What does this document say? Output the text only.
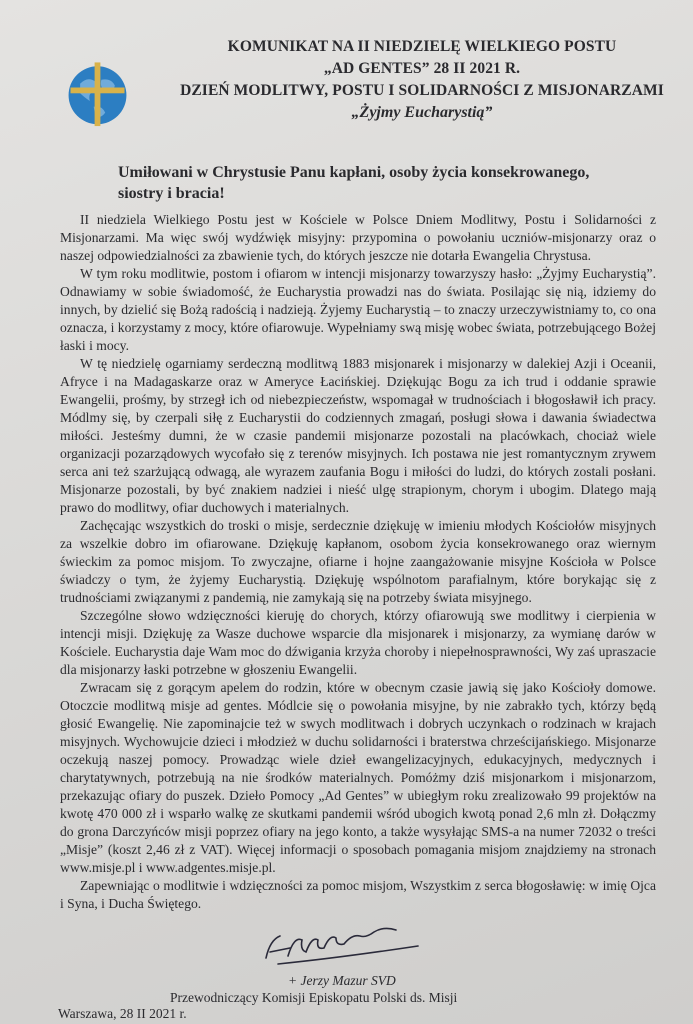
KOMUNIKAT NA II NIEDZIELĘ WIELKIEGO POSTU
„AD GENTES” 28 II 2021 R.
DZIEŃ MODLITWY, POSTU I SOLIDARNOŚCI Z MISJONARZAMI
„Żyjmy Eucharystią”
Umiłowani w Chrystusie Panu kapłani, osoby życia konsekrowanego, siostry i bracia!

II niedziela Wielkiego Postu jest w Kościele w Polsce Dniem Modlitwy, Postu i Solidarności z Misjonarzami. Ma więc swój wydźwięk misyjny: przypomina o powołaniu uczniów-misjonarzy oraz o naszej odpowiedzialności za zbawienie tych, do których jeszcze nie dotarła Ewangelia Chrystusa.

W tym roku modlitwie, postom i ofiarom w intencji misjonarzy towarzyszy hasło: „Żyjmy Eucharystią”. Odnawiamy w sobie świadomość, że Eucharystia prowadzi nas do świata. Posilając się nią, idziemy do innych, by dzielić się Bożą radością i nadzieją. Żyjemy Eucharystią – to znaczy urzeczywistniamy to, co ona oznacza, i korzystamy z mocy, które ofiarowuje. Wypełniamy swą misję wobec świata, potrzebującego Bożej łaski i mocy.

W tę niedzielę ogarniamy serdeczną modlitwą 1883 misjonarek i misjonarzy w dalekiej Azji i Oceanii, Afryce i na Madagaskarze oraz w Ameryce Łacińskiej. Dziękując Bogu za ich trud i oddanie sprawie Ewangelii, prośmy, by strzegł ich od niebezpieczeństw, wspomagał w trudnościach i błogosławił ich pracy. Módlmy się, by czerpali siłę z Eucharystii do codziennych zmagań, posługi słowa i dawania świadectwa miłości. Jesteśmy dumni, że w czasie pandemii misjonarze pozostali na placówkach, chociaż wiele organizacji pozarządowych wycofało się z terenów misyjnych. Ich postawa nie jest romantycznym zrywem serca ani też szarżującą odwagą, ale wyrazem zaufania Bogu i miłości do ludzi, do których zostali posłani. Misjonarze pozostali, by być znakiem nadziei i nieść ulgę strapionym, chorym i ubogim. Dlatego mają prawo do modlitwy, ofiar duchowych i materialnych.

Zachęcając wszystkich do troski o misje, serdecznie dziękuję w imieniu młodych Kościołów misyjnych za wszelkie dobro im ofiarowane. Dziękuję kapłanom, osobom życia konsekrowanego oraz wiernym świeckim za pomoc misjom. To zwyczajne, ofiarne i hojne zaangażowanie misyjne Kościoła w Polsce świadczy o tym, że żyjemy Eucharystią. Dziękuję wspólnotom parafialnym, które borykając się z trudnościami związanymi z pandemią, nie zamykają się na potrzeby świata misyjnego.

Szczególne słowo wdzięczności kieruję do chorych, którzy ofiarowują swe modlitwy i cierpienia w intencji misji. Dziękuję za Wasze duchowe wsparcie dla misjonarek i misjonarzy, za wymianę darów w Kościele. Eucharystia daje Wam moc do dźwigania krzyża choroby i niepełnosprawności, Wy zaś upraszacie dla misjonarzy łaski potrzebne w głoszeniu Ewangelii.

Zwracam się z gorącym apelem do rodzin, które w obecnym czasie jawią się jako Kościoły domowe. Otoczcie modlitwą misje ad gentes. Módlcie się o powołania misyjne, by nie zabrakło tych, którzy będą głosić Ewangelię. Nie zapominajcie też w swych modlitwach i dobrych uczynkach o rodzinach w krajach misyjnych. Wychowujcie dzieci i młodzież w duchu solidarności i braterstwa chrześcijańskiego. Misjonarze oczekują naszej pomocy. Prowadząc wiele dzieł ewangelizacyjnych, edukacyjnych, medycznych i charytatywnych, potrzebują na nie środków materialnych. Pomóżmy dziś misjonarkom i misjonarzom, przekazując ofiary do puszek. Dzieło Pomocy „Ad Gentes” w ubiegłym roku zrealizowało 99 projektów na kwotę 470 000 zł i wsparło walkę ze skutkami pandemii wśród ubogich kwotą ponad 2,6 mln zł. Dołączmy do grona Darczyńców misji poprzez ofiary na jego konto, a także wysyłając SMS-a na numer 72032 o treści „Misje” (koszt 2,46 zł z VAT). Więcej informacji o sposobach pomagania misjom znajdziemy na stronach www.misje.pl i www.adgentes.misje.pl.

Zapewniając o modlitwie i wdzięczności za pomoc misjom, Wszystkim z serca błogosławię: w imię Ojca i Syna, i Ducha Świętego.

+ Jerzy Mazur SVD
Przewodniczący Komisji Episkopatu Polski ds. Misji
Warszawa, 28 II 2021 r.
